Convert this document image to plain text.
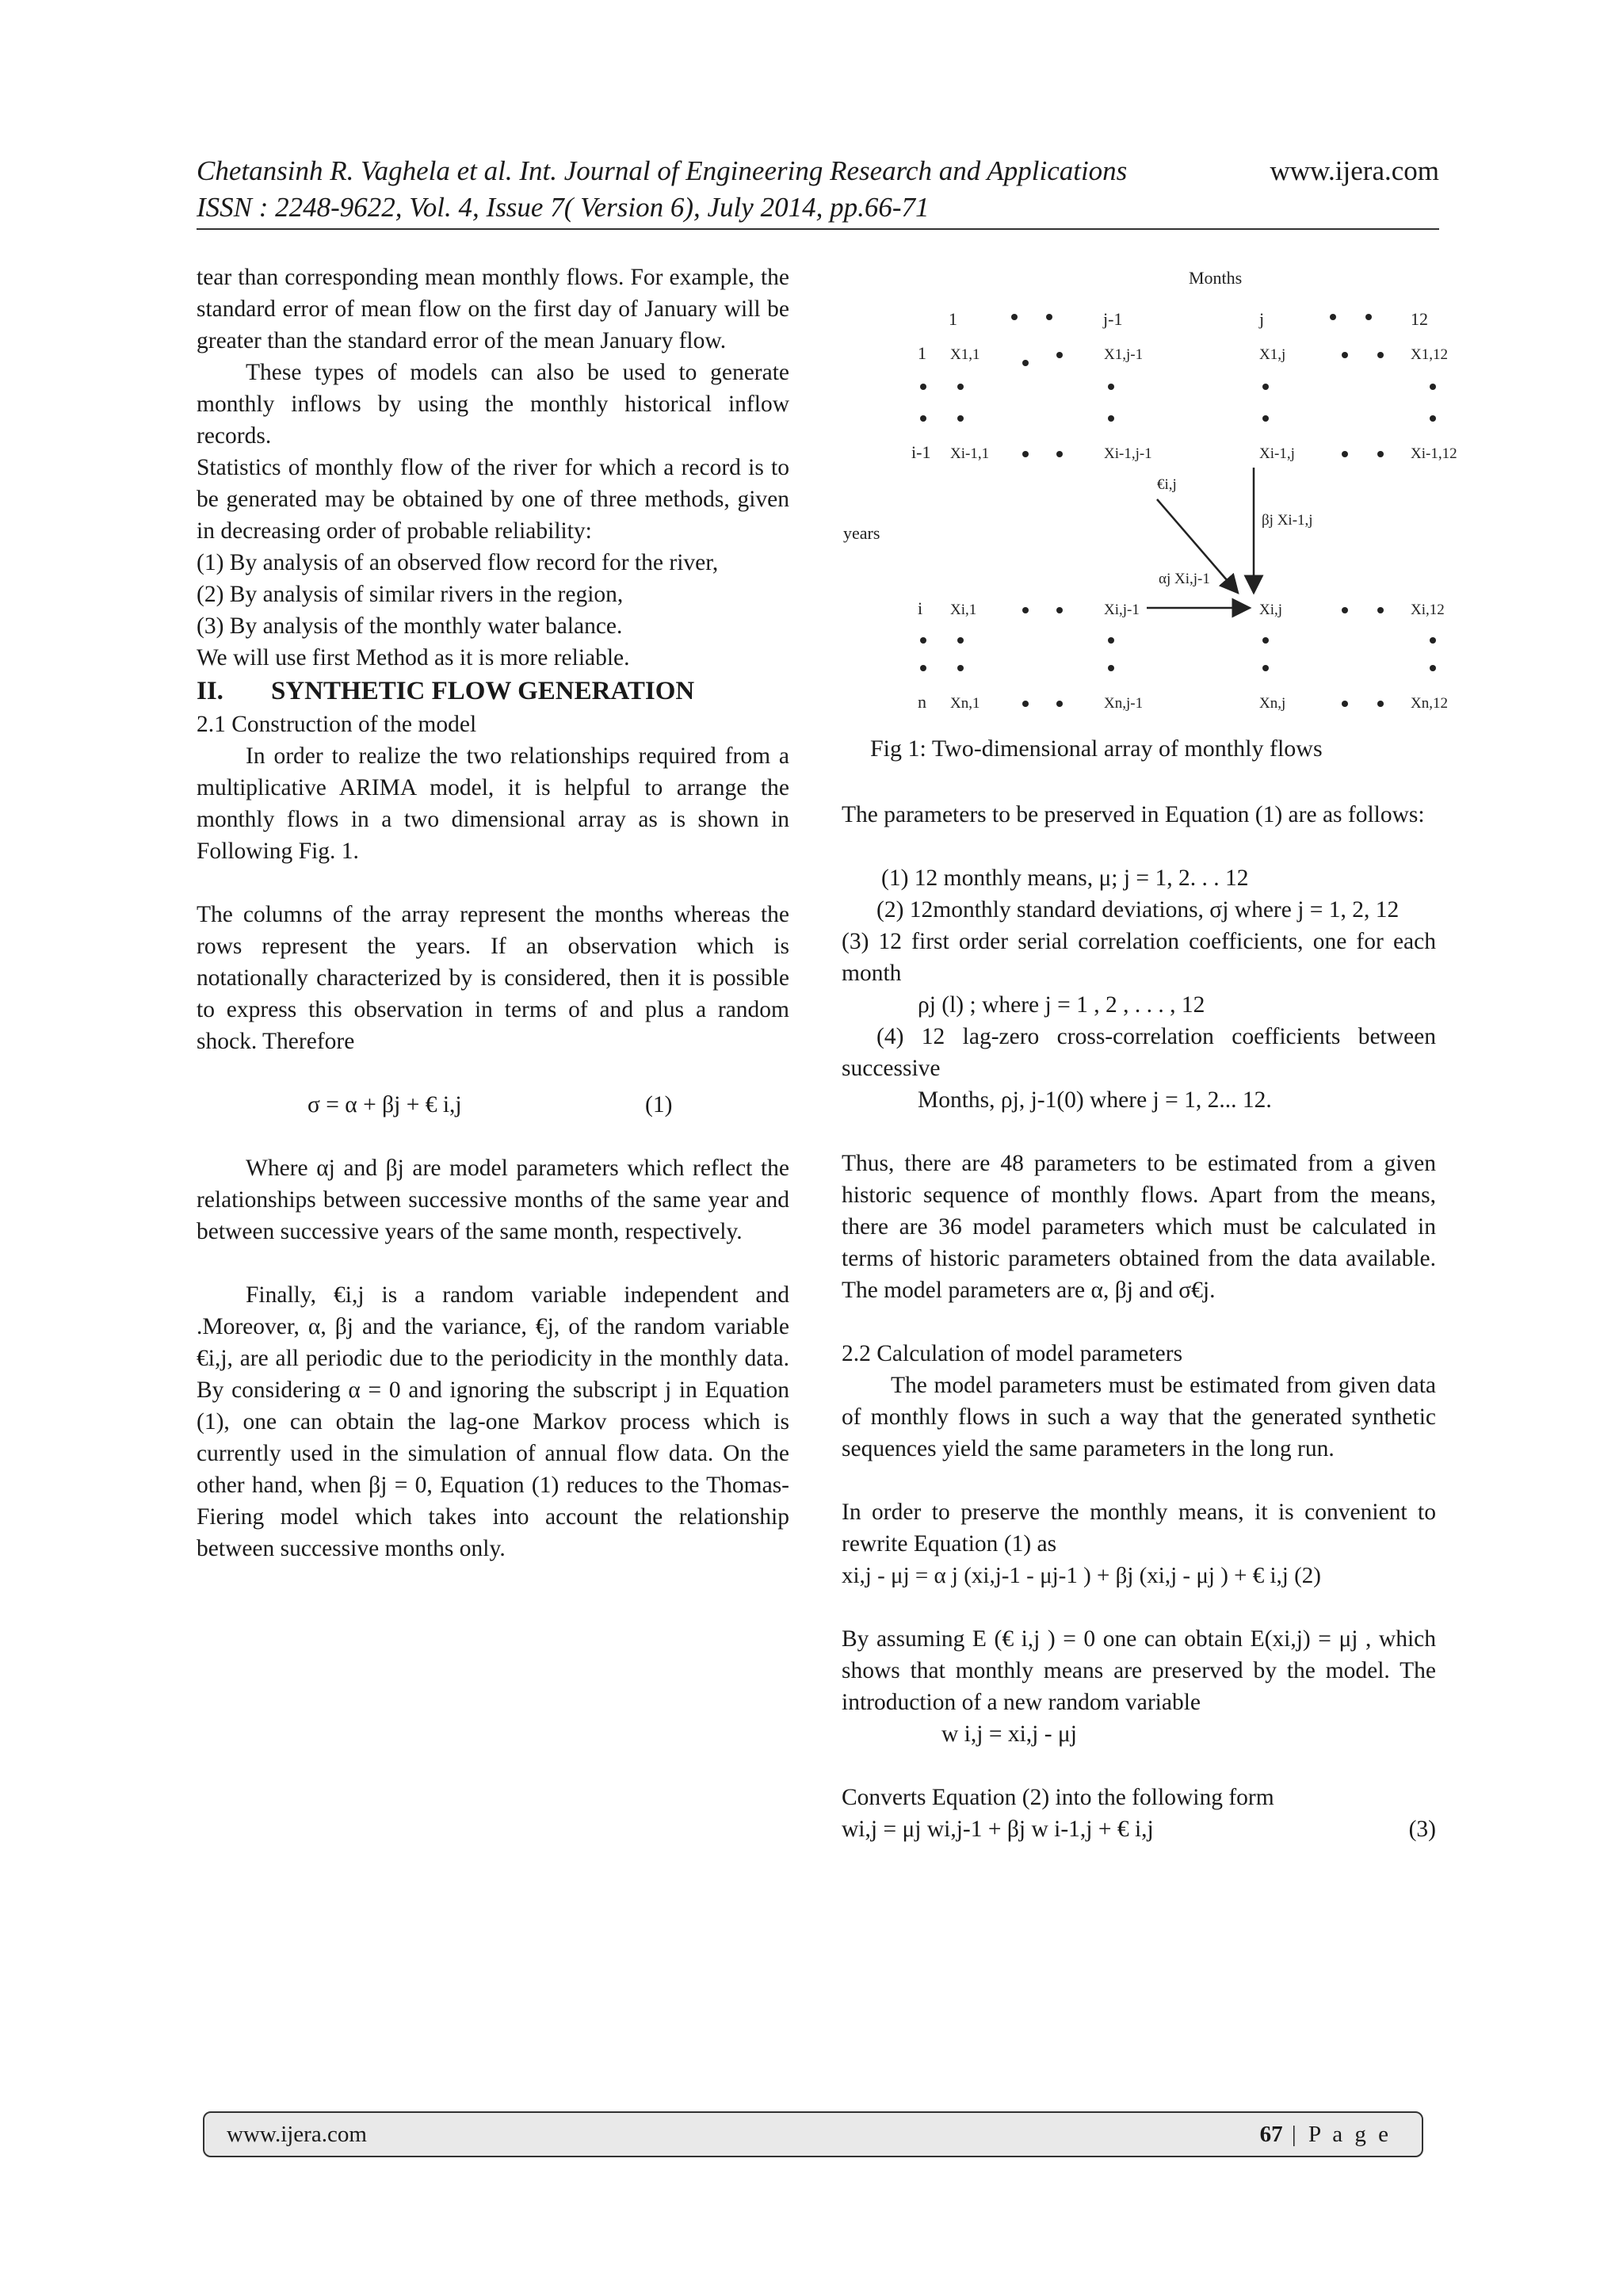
Chetansinh R. Vaghela et al. Int. Journal of Engineering Research and Applications	www.ijera.com
ISSN : 2248-9622, Vol. 4, Issue 7( Version 6), July 2014, pp.66-71

tear than corresponding mean monthly flows. For example, the standard error of mean flow on the first day of January will be greater than the standard error of the mean January flow.

These types of models can also be used to generate monthly inflows by using the monthly historical inflow records.

Statistics of monthly flow of the river for which a record is to be generated may be obtained by one of three methods, given in decreasing order of probable reliability:

(1) By analysis of an observed flow record for the river,

(2) By analysis of similar rivers in the region,

(3) By analysis of the monthly water balance.

We will use first Method as it is more reliable.

II. SYNTHETIC FLOW GENERATION

2.1 Construction of the model

In order to realize the two relationships required from a multiplicative ARIMA model, it is helpful to arrange the monthly flows in a two dimensional array as is shown in Following Fig. 1.

The columns of the array represent the months whereas the rows represent the years. If an observation which is notationally characterized by is considered, then it is possible to express this observation in terms of and plus a random shock. Therefore

σ = α + βj + € i,j	(1)

Where αj and βj are model parameters which reflect the relationships between successive months of the same year and between successive years of the same month, respectively.

Finally, €i,j is a random variable independent and .Moreover, α, βj and the variance, €j, of the random variable €i,j, are all periodic due to the periodicity in the monthly data. By considering α = 0 and ignoring the subscript j in Equation (1), one can obtain the lag-one Markov process which is currently used in the simulation of annual flow data. On the other hand, when βj = 0, Equation (1) reduces to the Thomas-Fiering model which takes into account the relationship between successive months only.

Months
1	j-1	j	12
1
i-1
i
n
years
X1,1	X1,j-1	X1,j	X1,12
Xi-1,1	Xi-1,j-1	Xi-1,j	Xi-1,12
Xi,1	Xi,j-1	Xi,j	Xi,12
Xn,1	Xn,j-1	Xn,j	Xn,12
€i,j
βj Xi-1,j
αj Xi,j-1
Fig 1: Two-dimensional array of monthly flows

The parameters to be preserved in Equation (1) are as follows:

(1) 12 monthly means, μ; j = 1, 2. . . 12

(2) 12monthly standard deviations, σj where j = 1, 2, 12

(3) 12 first order serial correlation coefficients, one for each month

ρj (l) ; where j = 1 , 2 , . . . , 12

(4) 12 lag-zero cross-correlation coefficients between successive

Months, ρj, j-1(0) where j = 1, 2... 12.

Thus, there are 48 parameters to be estimated from a given historic sequence of monthly flows. Apart from the means, there are 36 model parameters which must be calculated in terms of historic parameters obtained from the data available. The model parameters are α, βj and σ€j.

2.2 Calculation of model parameters

The model parameters must be estimated from given data of monthly flows in such a way that the generated synthetic sequences yield the same parameters in the long run.

In order to preserve the monthly means, it is convenient to rewrite Equation (1) as

xi,j - μj = α j (xi,j-1 - μj-1 ) + βj (xi,j - μj ) + € i,j (2)

By assuming E (€ i,j ) = 0 one can obtain E(xi,j) = μj , which shows that monthly means are preserved by the model. The introduction of a new random variable

w i,j = xi,j - μj

Converts Equation (2) into the following form

wi,j = μj wi,j-1 + βj w i-1,j + € i,j	(3)

www.ijera.com	67 | P a g e
